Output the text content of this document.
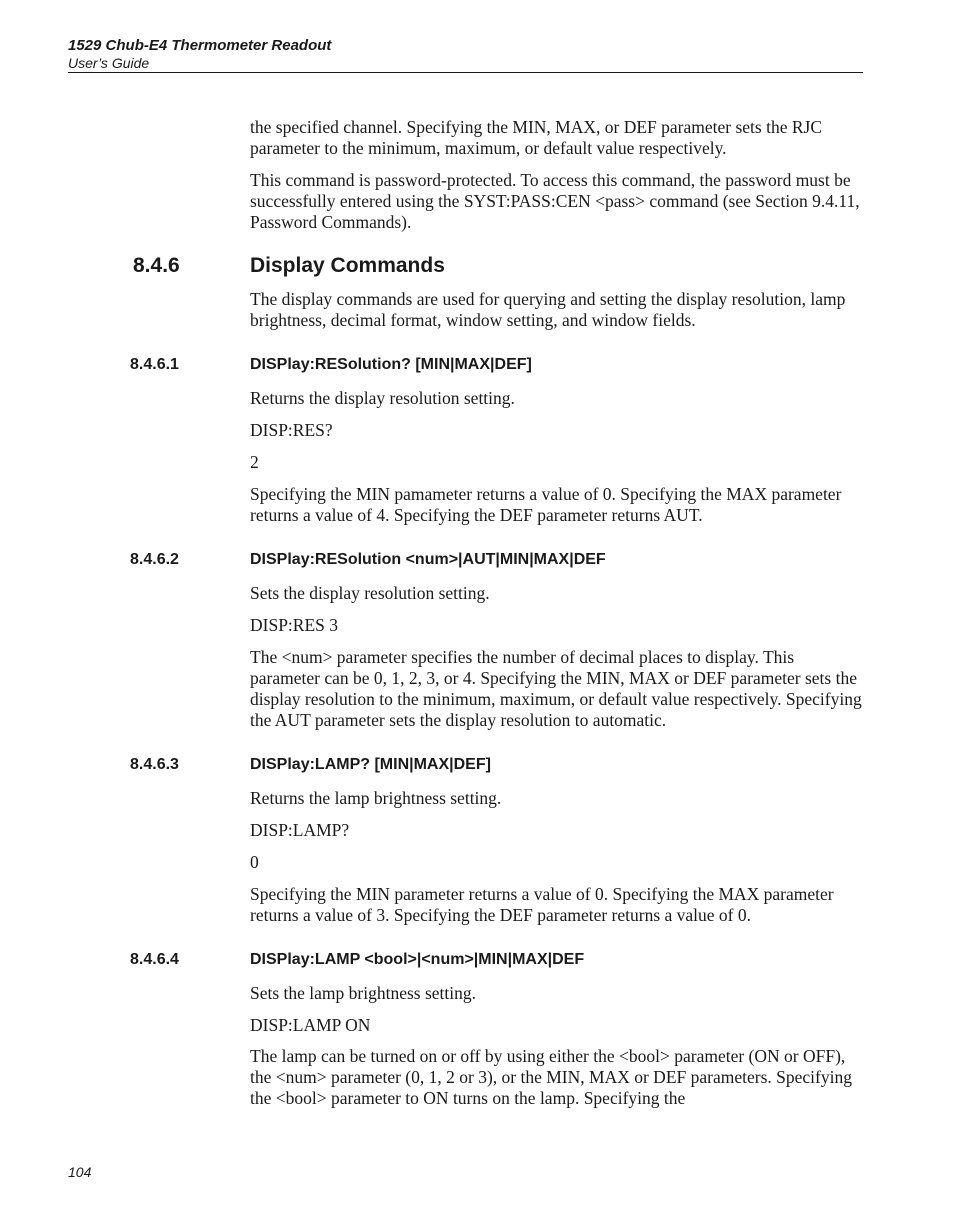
1529 Chub-E4 Thermometer Readout
User’s Guide

the specified channel. Specifying the MIN, MAX, or DEF parameter sets the RJC parameter to the minimum, maximum, or default value respectively.

This command is password-protected. To access this command, the password must be successfully entered using the SYST:PASS:CEN <pass> command (see Section 9.4.11, Password Commands).

8.4.6	Display Commands

The display commands are used for querying and setting the display resolution, lamp brightness, decimal format, window setting, and window fields.

8.4.6.1	DISPlay:RESolution? [MIN|MAX|DEF]

Returns the display resolution setting.

DISP:RES?

2

Specifying the MIN pamameter returns a value of 0. Specifying the MAX parameter returns a value of 4. Specifying the DEF parameter returns AUT.

8.4.6.2	DISPlay:RESolution <num>|AUT|MIN|MAX|DEF

Sets the display resolution setting.

DISP:RES 3

The <num> parameter specifies the number of decimal places to display. This parameter can be 0, 1, 2, 3, or 4. Specifying the MIN, MAX or DEF parameter sets the display resolution to the minimum, maximum, or default value respectively. Specifying the AUT parameter sets the display resolution to automatic.

8.4.6.3	DISPlay:LAMP? [MIN|MAX|DEF]

Returns the lamp brightness setting.

DISP:LAMP?

0

Specifying the MIN parameter returns a value of 0. Specifying the MAX parameter returns a value of 3. Specifying the DEF parameter returns a value of 0.

8.4.6.4	DISPlay:LAMP <bool>|<num>|MIN|MAX|DEF

Sets the lamp brightness setting.

DISP:LAMP ON

The lamp can be turned on or off by using either the <bool> parameter (ON or OFF), the <num> parameter (0, 1, 2 or 3), or the MIN, MAX or DEF parameters. Specifying the <bool> parameter to ON turns on the lamp. Specifying the

104
